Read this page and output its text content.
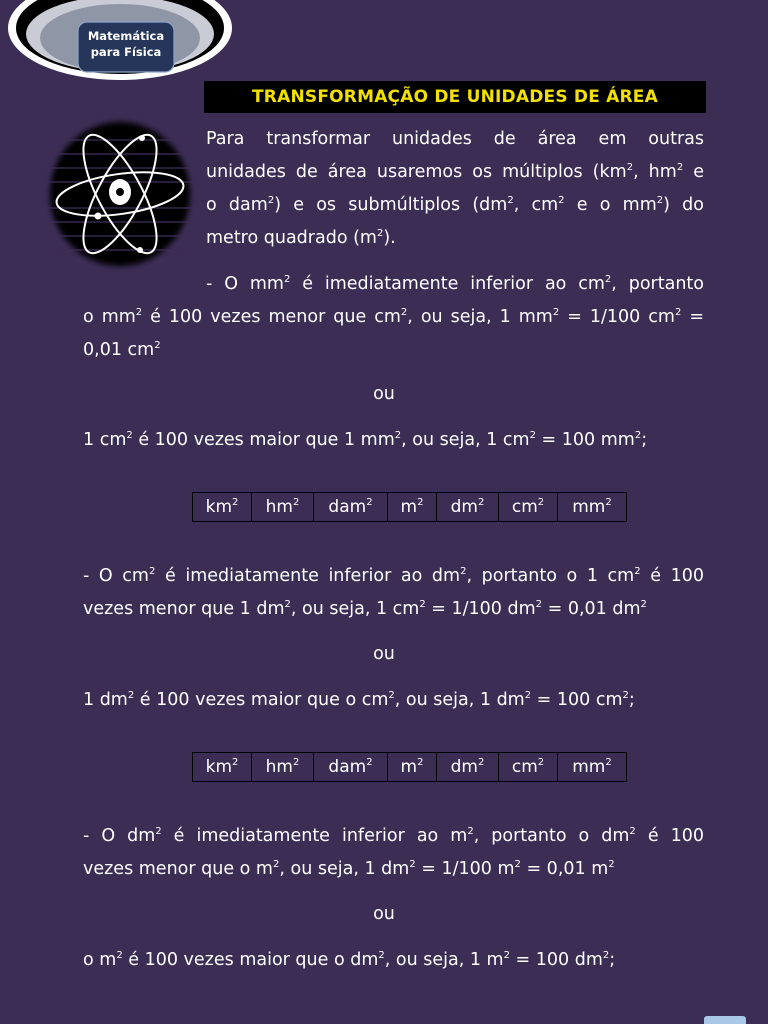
Matemática
para Física
TRANSFORMAÇÃO DE UNIDADES DE ÁREA
Para transformar unidades de área em outras
unidades de área usaremos os múltiplos ($km^2$, $hm^2$ e
o dam$^2$) e os submúltiplos ($dm^2$, $cm^2$ e o $mm^2$) do
metro quadrado $(m^2)$.
- O $mm^2$ é imediatamente inferior ao $cm^2$, portanto
o $mm^2$ é 100 vezes menor que $cm^2$, ou seja, 1 $mm^2 = 1/100$ $cm^2$ =
0,01 $cm^2$
ou
1 $cm^2$ é 100 vezes maior que 1 $mm^2$, ou seja, 1 $cm^2 = 100$ $mm^2$;
$km^2$	$hm^2$	dam$^2$	$m^2$	$dm^2$	$cm^2$	$mm^2$
- O $cm^2$ é imediatamente inferior ao $dm^2$, portanto o 1 $cm^2$ é 100
vezes menor que 1 $dm^2$, ou seja, 1 $cm^2 = 1/100$ $dm^2 = 0,01$ $dm^2$
ou
1 $dm^2$ é 100 vezes maior que o $cm^2$, ou seja, 1 $dm^2 = 100$ $cm^2$;
$km^2$	$hm^2$	dam$^2$	$m^2$	$dm^2$	$cm^2$	$mm^2$
- O $dm^2$ é imediatamente inferior ao $m^2$, portanto o $dm^2$ é 100
vezes menor que o $m^2$, ou seja, 1 $dm^2 = 1/100$ $m^2 = 0,01$ $m^2$
ou
o $m^2$ é 100 vezes maior que o $dm^2$, ou seja, 1 $m^2 = 100$ $dm^2$;
